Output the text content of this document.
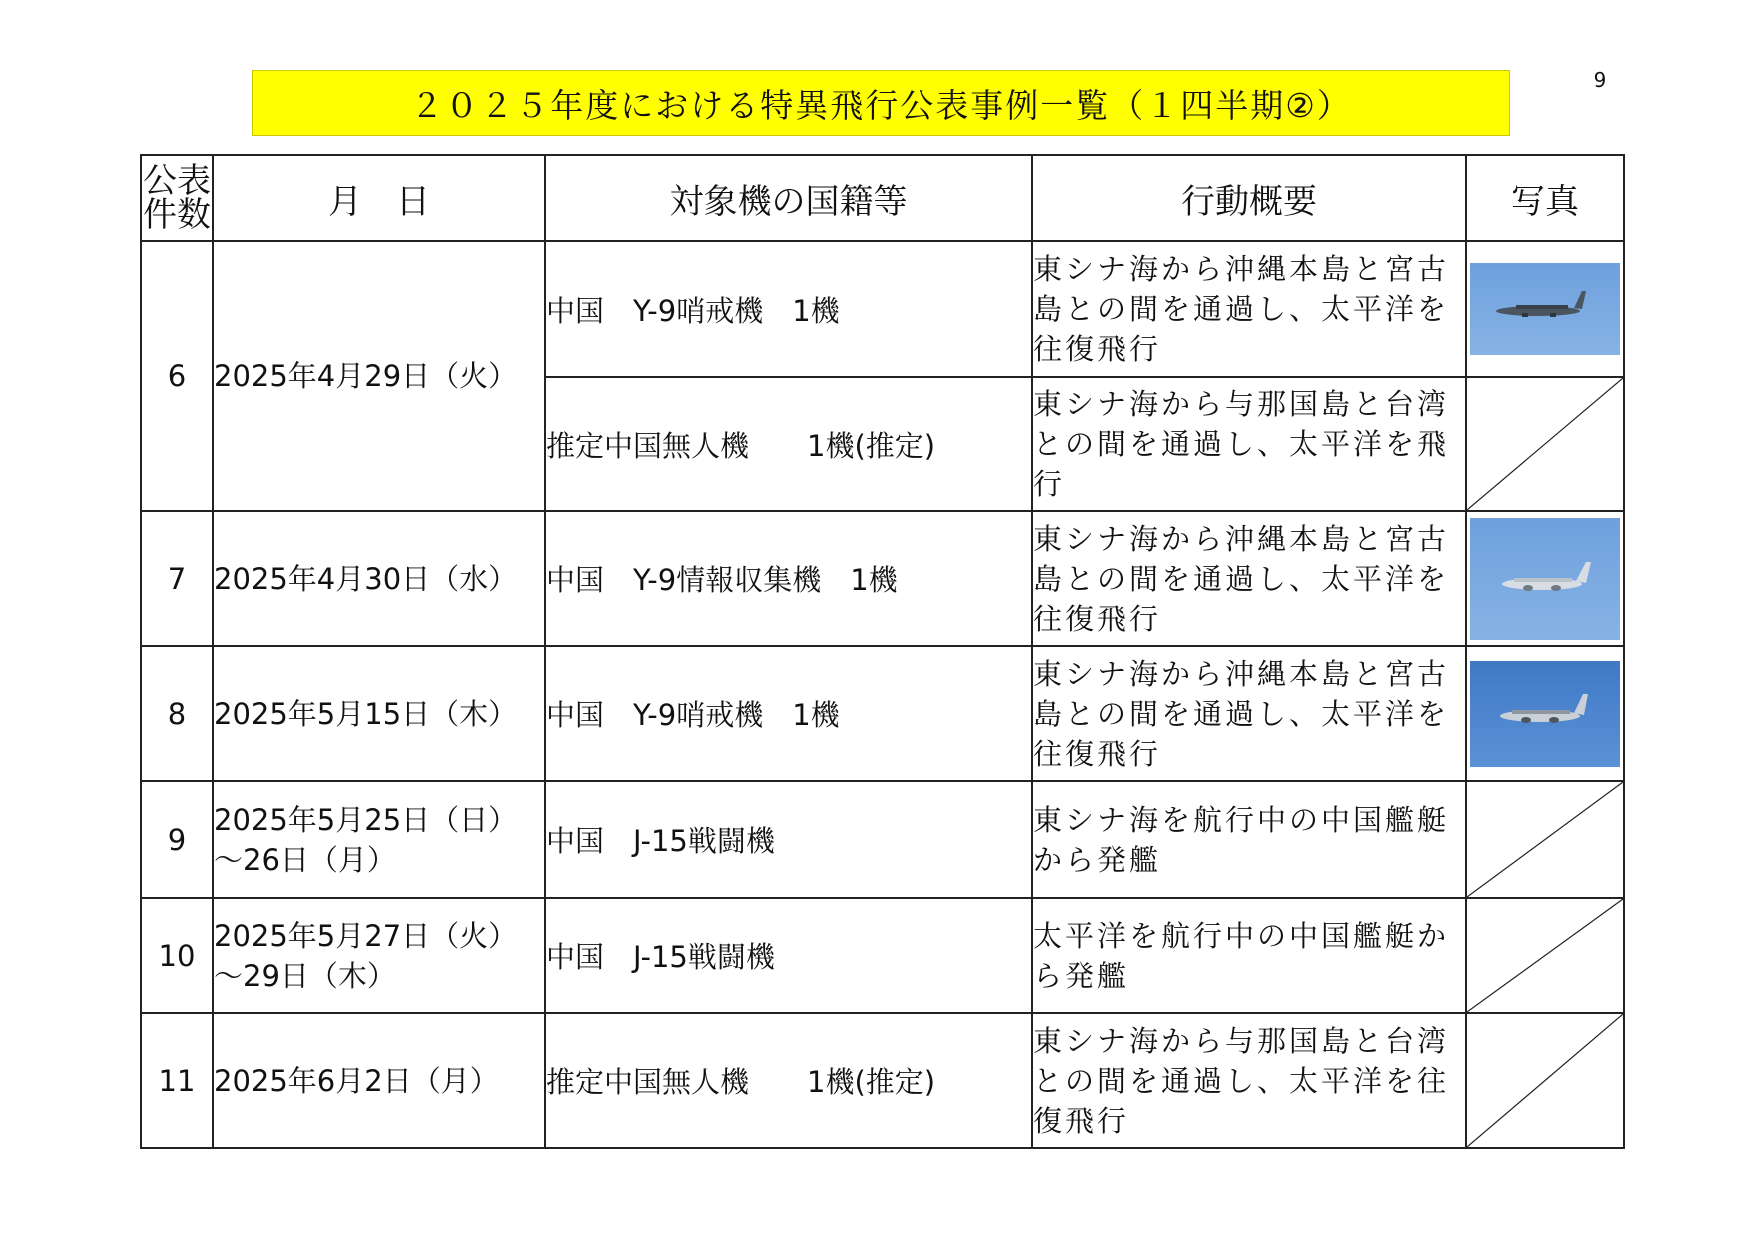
9
２０２５年度における特異飛行公表事例一覧（１四半期②）
公表
件数	月　日	対象機の国籍等	行動概要	写真
6	2025年4月29日（火）	中国　Y-9哨戒機　1機	東シナ海から沖縄本島と宮古島との間を通過し、太平洋を往復飛行	

		推定中国無人機　　1機(推定)	東シナ海から与那国島と台湾との間を通過し、太平洋を飛行	

7	2025年4月30日（水）	中国　Y-9情報収集機　1機	東シナ海から沖縄本島と宮古島との間を通過し、太平洋を往復飛行	

8	2025年5月15日（木）	中国　Y-9哨戒機　1機	東シナ海から沖縄本島と宮古島との間を通過し、太平洋を往復飛行	

9	2025年5月25日（日）
～26日（月）	中国　J-15戦闘機	東シナ海を航行中の中国艦艇から発艦	

10	2025年5月27日（火）
～29日（木）	中国　J-15戦闘機	太平洋を航行中の中国艦艇から発艦	

11	2025年6月2日（月）	推定中国無人機　　1機(推定)	東シナ海から与那国島と台湾との間を通過し、太平洋を往復飛行	
